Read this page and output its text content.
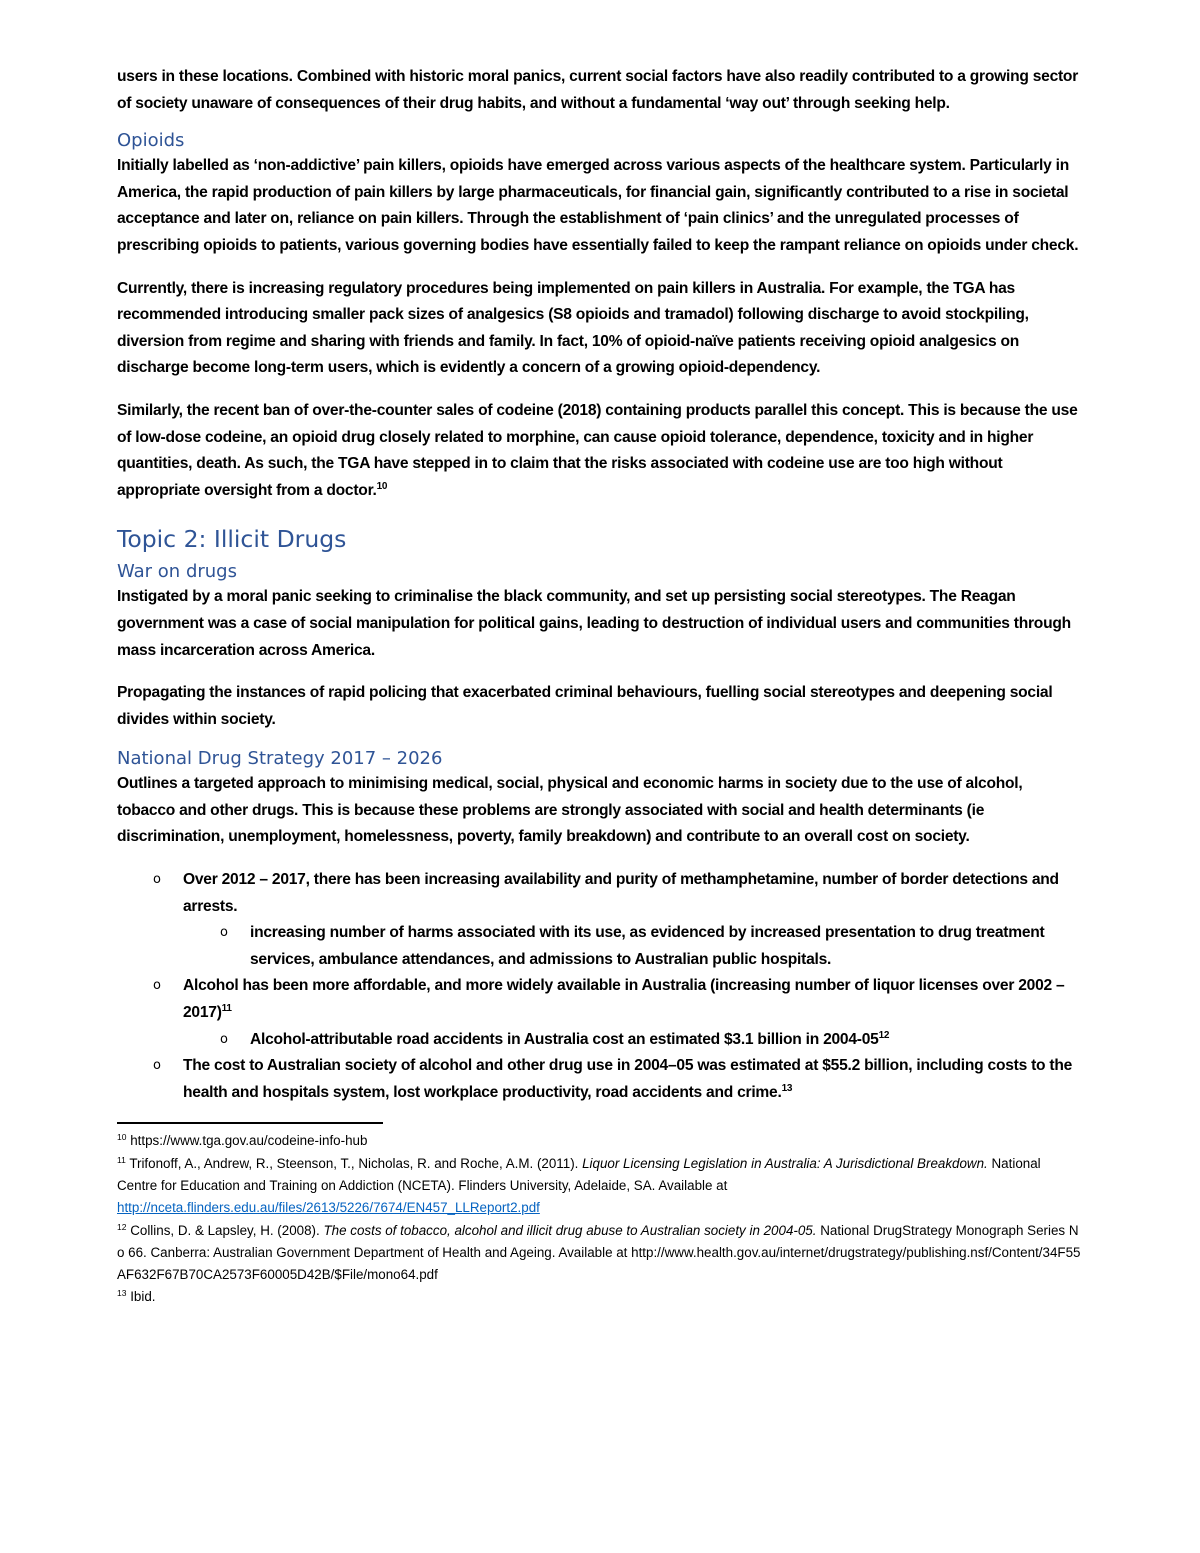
users in these locations. Combined with historic moral panics, current social factors have also readily contributed to a growing sector of society unaware of consequences of their drug habits, and without a fundamental ‘way out’ through seeking help.

Opioids

Initially labelled as ‘non-addictive’ pain killers, opioids have emerged across various aspects of the healthcare system. Particularly in America, the rapid production of pain killers by large pharmaceuticals, for financial gain, significantly contributed to a rise in societal acceptance and later on, reliance on pain killers. Through the establishment of ‘pain clinics’ and the unregulated processes of prescribing opioids to patients, various governing bodies have essentially failed to keep the rampant reliance on opioids under check.

Currently, there is increasing regulatory procedures being implemented on pain killers in Australia. For example, the TGA has recommended introducing smaller pack sizes of analgesics (S8 opioids and tramadol) following discharge to avoid stockpiling, diversion from regime and sharing with friends and family. In fact, 10% of opioid-naïve patients receiving opioid analgesics on discharge become long-term users, which is evidently a concern of a growing opioid-dependency.

Similarly, the recent ban of over-the-counter sales of codeine (2018) containing products parallel this concept. This is because the use of low-dose codeine, an opioid drug closely related to morphine, can cause opioid tolerance, dependence, toxicity and in higher quantities, death. As such, the TGA have stepped in to claim that the risks associated with codeine use are too high without appropriate oversight from a doctor.$^{10}$

Topic 2: Illicit Drugs
War on drugs

Instigated by a moral panic seeking to criminalise the black community, and set up persisting social stereotypes. The Reagan government was a case of social manipulation for political gains, leading to destruction of individual users and communities through mass incarceration across America.

Propagating the instances of rapid policing that exacerbated criminal behaviours, fuelling social stereotypes and deepening social divides within society.

National Drug Strategy 2017 – 2026

Outlines a targeted approach to minimising medical, social, physical and economic harms in society due to the use of alcohol, tobacco and other drugs. This is because these problems are strongly associated with social and health determinants (ie discrimination, unemployment, homelessness, poverty, family breakdown) and contribute to an overall cost on society.

o Over 2012 – 2017, there has been increasing availability and purity of methamphetamine, number of border detections and arrests.
o increasing number of harms associated with its use, as evidenced by increased presentation to drug treatment services, ambulance attendances, and admissions to Australian public hospitals.
o Alcohol has been more affordable, and more widely available in Australia (increasing number of liquor licenses over 2002 – 2017)$^{11}$
o Alcohol-attributable road accidents in Australia cost an estimated $3.1 billion in $2004-05^{12}$
o The cost to Australian society of alcohol and other drug use in 2004–05 was estimated at $55.2 billion, including costs to the health and hospitals system, lost workplace productivity, road accidents and crime.$^{13}$

$^{10}$ https://www.tga.gov.au/codeine-info-hub

$^{11}$ Trifonoff, A., Andrew, R., Steenson, T., Nicholas, R. and Roche, A.M. (2011). Liquor Licensing Legislation in Australia: A Jurisdictional Breakdown. National Centre for Education and Training on Addiction (NCETA). Flinders University, Adelaide, SA. Available at http://nceta.flinders.edu.au/files/2613/5226/7674/EN457_LLReport2.pdf

$^{12}$ Collins, D. & Lapsley, H. (2008). The costs of tobacco, alcohol and illicit drug abuse to Australian society in 2004-05. National DrugStrategy Monograph Series No 66. Canberra: Australian Government Department of Health and Ageing. Available at http://www.health.gov.au/internet/drugstrategy/publishing.nsf/Content/34F55AF632F67B70CA2573F60005D42B/$File/mono64.pdf

$^{13}$ Ibid.
